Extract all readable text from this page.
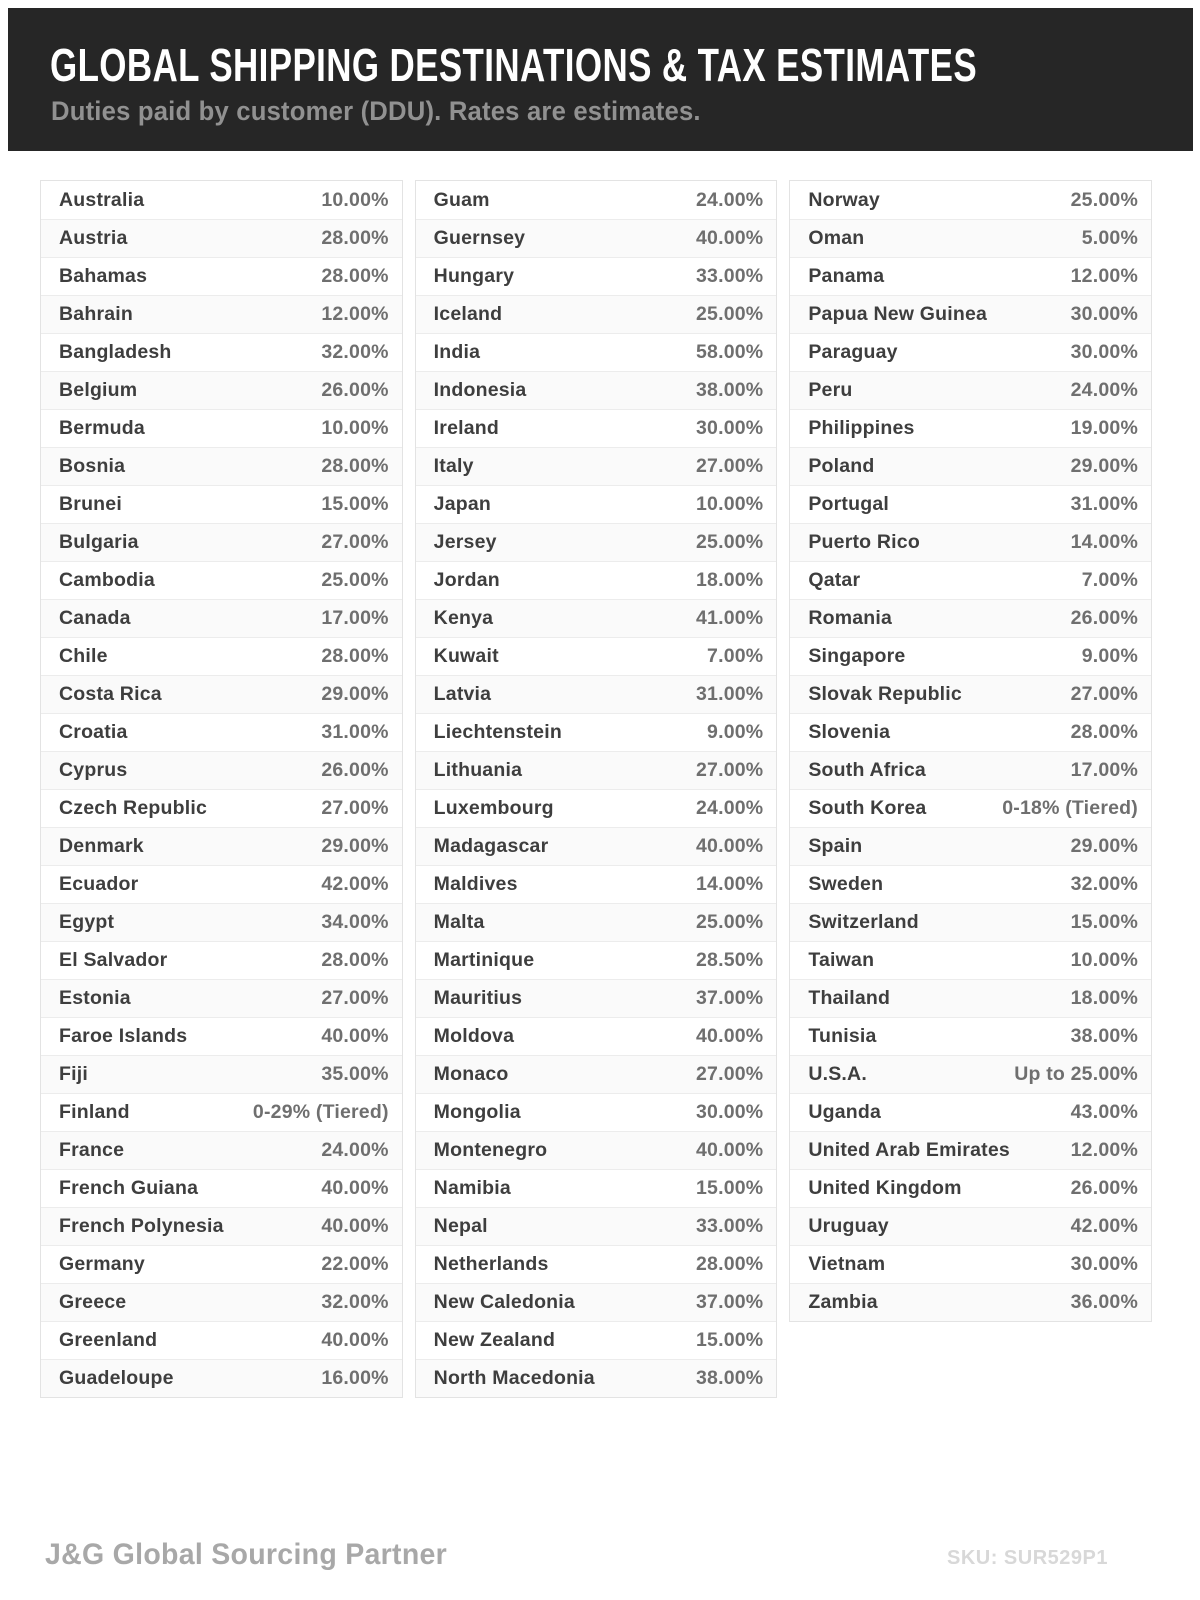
GLOBAL SHIPPING DESTINATIONS & TAX ESTIMATES
Duties paid by customer (DDU). Rates are estimates.
Australia	10.00%
Austria	28.00%
Bahamas	28.00%
Bahrain	12.00%
Bangladesh	32.00%
Belgium	26.00%
Bermuda	10.00%
Bosnia	28.00%
Brunei	15.00%
Bulgaria	27.00%
Cambodia	25.00%
Canada	17.00%
Chile	28.00%
Costa Rica	29.00%
Croatia	31.00%
Cyprus	26.00%
Czech Republic	27.00%
Denmark	29.00%
Ecuador	42.00%
Egypt	34.00%
El Salvador	28.00%
Estonia	27.00%
Faroe Islands	40.00%
Fiji	35.00%
Finland	0-29% (Tiered)
France	24.00%
French Guiana	40.00%
French Polynesia	40.00%
Germany	22.00%
Greece	32.00%
Greenland	40.00%
Guadeloupe	16.00%
Guam	24.00%
Guernsey	40.00%
Hungary	33.00%
Iceland	25.00%
India	58.00%
Indonesia	38.00%
Ireland	30.00%
Italy	27.00%
Japan	10.00%
Jersey	25.00%
Jordan	18.00%
Kenya	41.00%
Kuwait	7.00%
Latvia	31.00%
Liechtenstein	9.00%
Lithuania	27.00%
Luxembourg	24.00%
Madagascar	40.00%
Maldives	14.00%
Malta	25.00%
Martinique	28.50%
Mauritius	37.00%
Moldova	40.00%
Monaco	27.00%
Mongolia	30.00%
Montenegro	40.00%
Namibia	15.00%
Nepal	33.00%
Netherlands	28.00%
New Caledonia	37.00%
New Zealand	15.00%
North Macedonia	38.00%
Norway	25.00%
Oman	5.00%
Panama	12.00%
Papua New Guinea	30.00%
Paraguay	30.00%
Peru	24.00%
Philippines	19.00%
Poland	29.00%
Portugal	31.00%
Puerto Rico	14.00%
Qatar	7.00%
Romania	26.00%
Singapore	9.00%
Slovak Republic	27.00%
Slovenia	28.00%
South Africa	17.00%
South Korea	0-18% (Tiered)
Spain	29.00%
Sweden	32.00%
Switzerland	15.00%
Taiwan	10.00%
Thailand	18.00%
Tunisia	38.00%
U.S.A.	Up to 25.00%
Uganda	43.00%
United Arab Emirates	12.00%
United Kingdom	26.00%
Uruguay	42.00%
Vietnam	30.00%
Zambia	36.00%
J&G Global Sourcing Partner	SKU: SUR529P1
